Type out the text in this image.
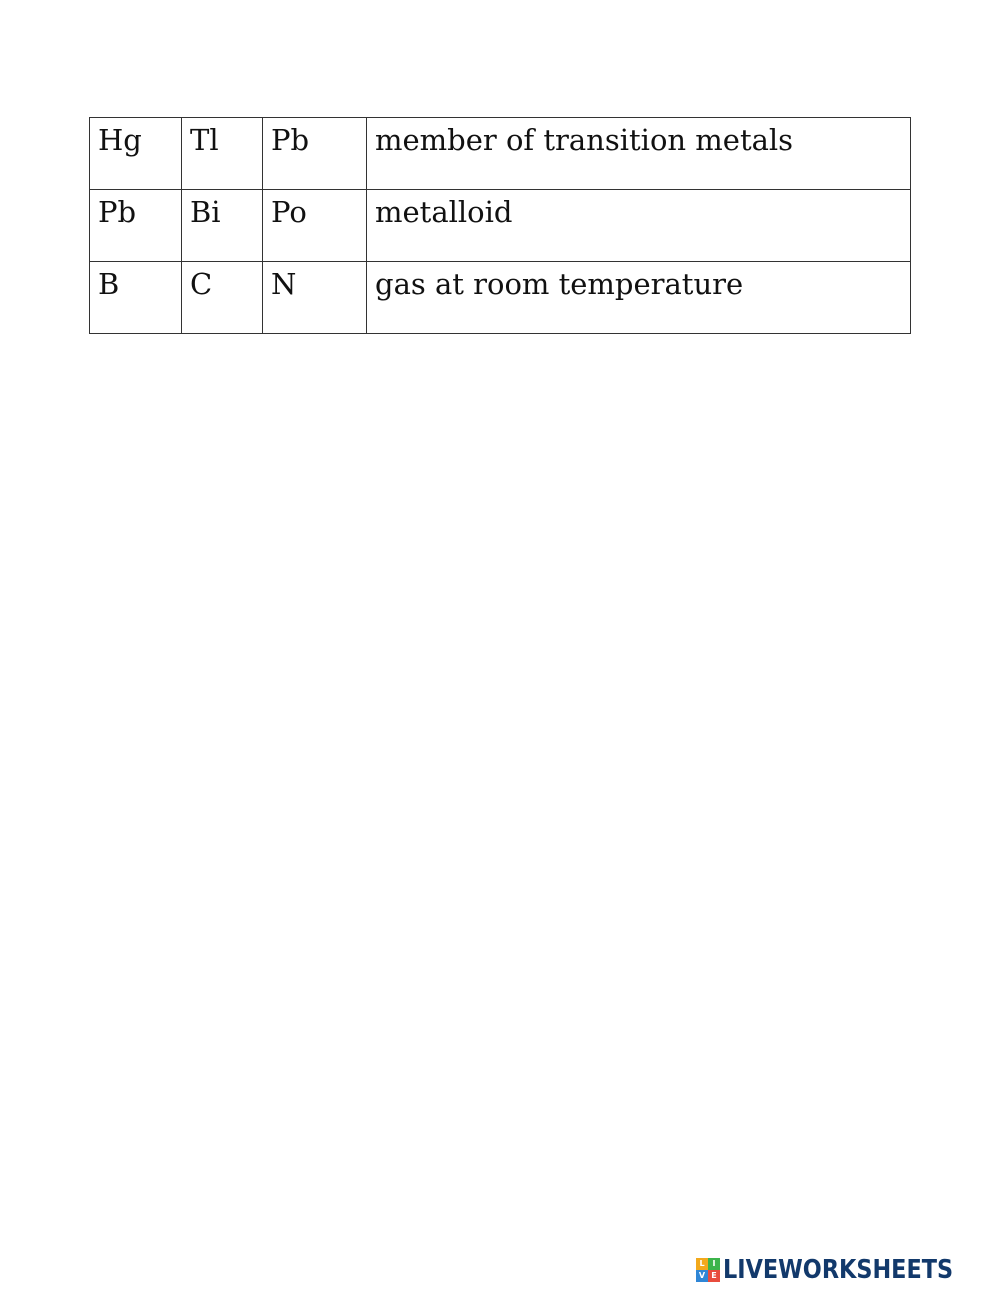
Hg	Tl	Pb	member of transition metals
Pb	Bi	Po	metalloid
B	C	N	gas at room temperature
L I
V E LIVEWORKSHEETS
